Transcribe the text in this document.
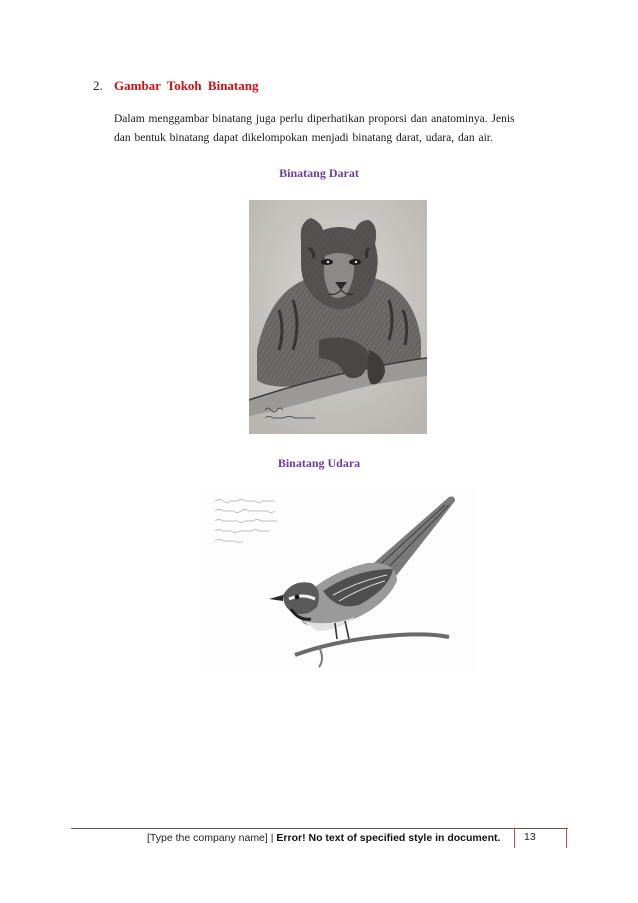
2. Gambar Tokoh Binatang

Dalam menggambar binatang juga perlu diperhatikan proporsi dan anatominya. Jenis

dan bentuk binatang dapat dikelompokan menjadi binatang darat, udara, dan air.

Binatang Darat
Binatang Udara
[Type the company name] | Error! No text of specified style in document.	13
